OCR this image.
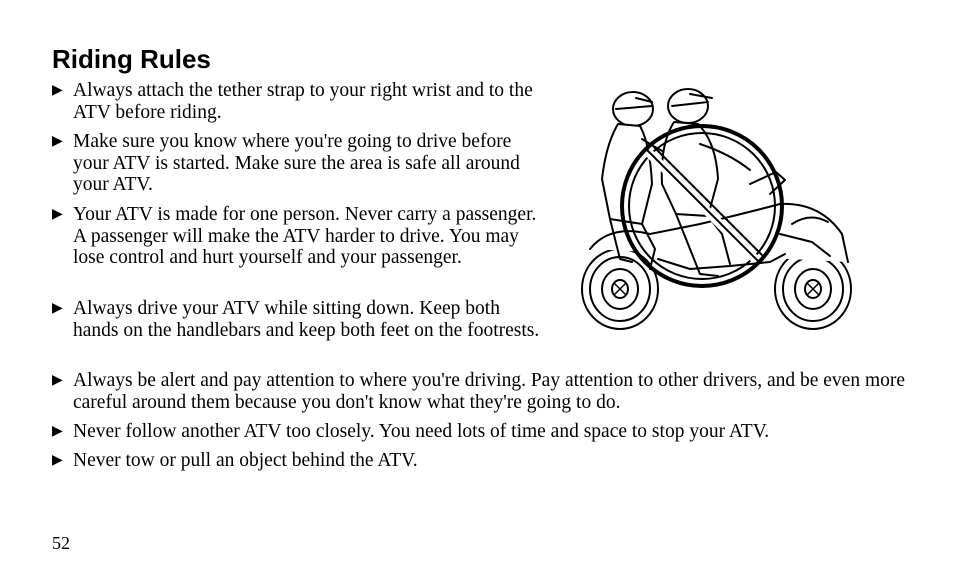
Riding Rules
▶ Always attach the tether strap to your right wrist and to the ATV before riding.
▶ Make sure you know where you're going to drive before your ATV is started. Make sure the area is safe all around your ATV.
▶ Your ATV is made for one person. Never carry a passenger. A passenger will make the ATV harder to drive. You may lose control and hurt yourself and your passenger.
▶ Always drive your ATV while sitting down. Keep both hands on the handlebars and keep both feet on the footrests.
▶ Always be alert and pay attention to where you're driving. Pay attention to other drivers, and be even more careful around them because you don't know what they're going to do.
▶ Never follow another ATV too closely. You need lots of time and space to stop your ATV.
▶ Never tow or pull an object behind the ATV.
52
